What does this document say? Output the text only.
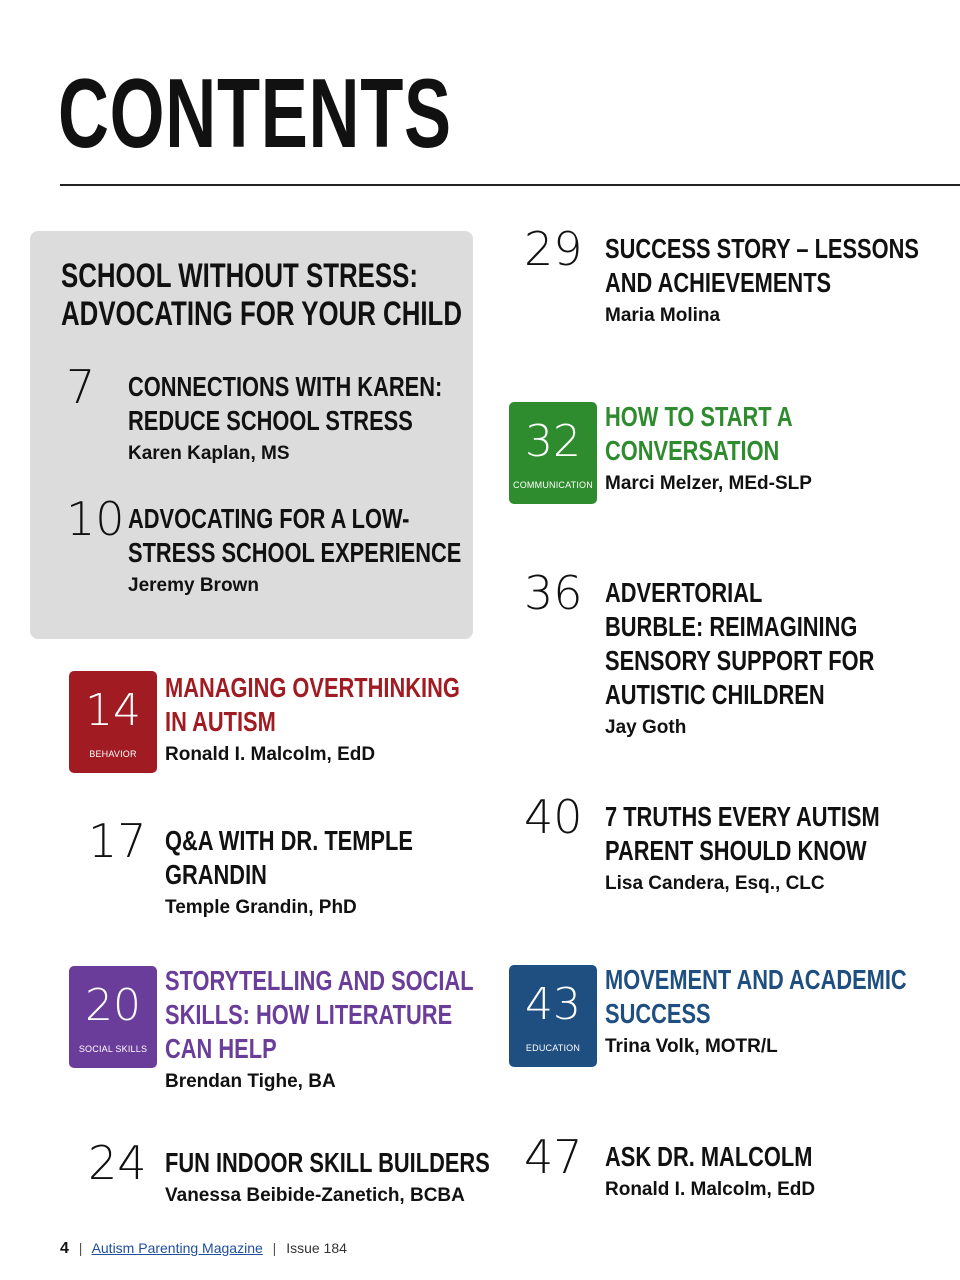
CONTENTS
SCHOOL WITHOUT STRESS:
ADVOCATING FOR YOUR CHILD
7 CONNECTIONS WITH KAREN:
REDUCE SCHOOL STRESS
Karen Kaplan, MS
10 ADVOCATING FOR A LOW-
STRESS SCHOOL EXPERIENCE
Jeremy Brown
14
BEHAVIOR
MANAGING OVERTHINKING
IN AUTISM
Ronald I. Malcolm, EdD
17 Q&A WITH DR. TEMPLE
GRANDIN
Temple Grandin, PhD
20
SOCIAL SKILLS
STORYTELLING AND SOCIAL
SKILLS: HOW LITERATURE
CAN HELP
Brendan Tighe, BA
24 FUN INDOOR SKILL BUILDERS
Vanessa Beibide-Zanetich, BCBA
29 SUCCESS STORY – LESSONS
AND ACHIEVEMENTS
Maria Molina
32
COMMUNICATION
HOW TO START A
CONVERSATION
Marci Melzer, MEd-SLP
36 ADVERTORIAL
BURBLE: REIMAGINING
SENSORY SUPPORT FOR
AUTISTIC CHILDREN
Jay Goth
40 7 TRUTHS EVERY AUTISM
PARENT SHOULD KNOW
Lisa Candera, Esq., CLC
43
EDUCATION
MOVEMENT AND ACADEMIC
SUCCESS
Trina Volk, MOTR/L
47 ASK DR. MALCOLM
Ronald I. Malcolm, EdD
4 | Autism Parenting Magazine | Issue 184
